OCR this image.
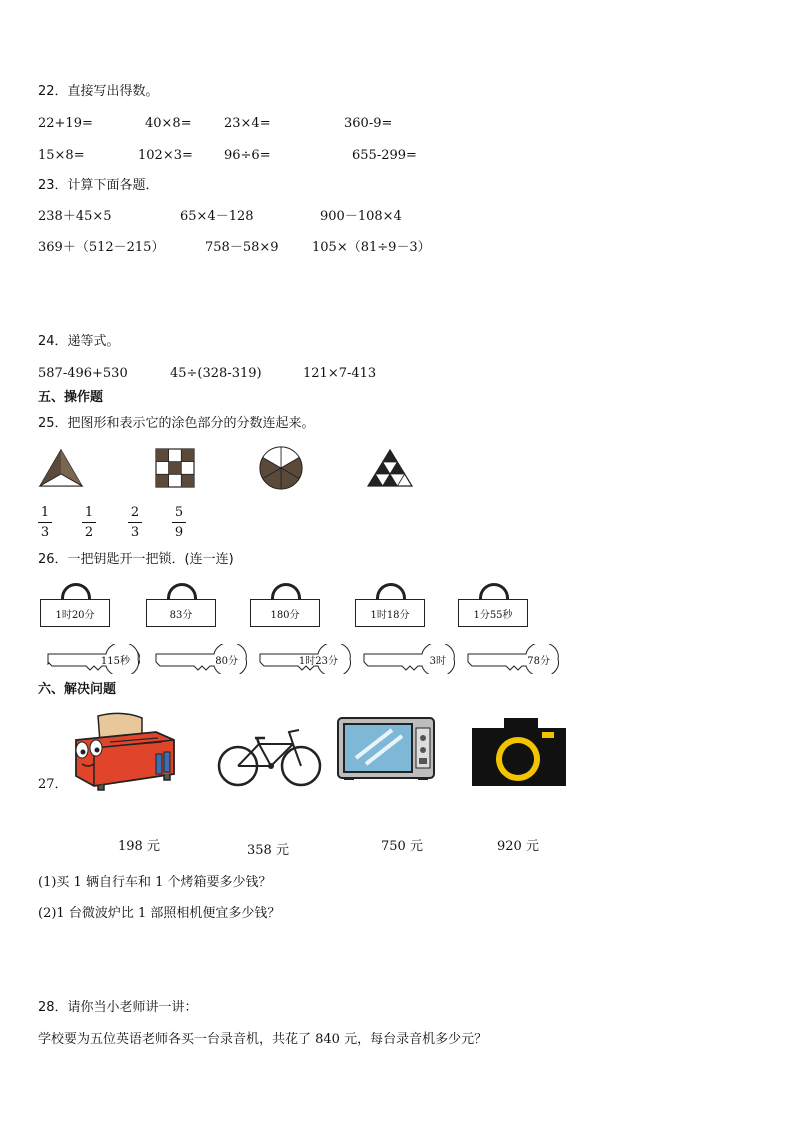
22．直接写出得数。
22+19=	40×8= 23×4=	360-9=
15×8=	102×3= 96÷6=	655-299=
23．计算下面各题．
238＋45×5	65×4－128	900－108×4
369＋（512－215）	758－58×9	105×（81÷9－3）
24．递等式。
587-496+530	45÷(328-319)	121×7-413
五、操作题
25．把图形和表示它的涂色部分的分数连起来。
1
3
1
2
2
3
5
9
26．一把钥匙开一把锁．(连一连)
1时20分	83分	180分	1时18分	1分55秒
115秒	80分	1时23分	3时	78分
六、解决问题
27．
198 元	358 元	750 元	920 元
(1)买 1 辆自行车和 1 个烤箱要多少钱？
(2)1 台微波炉比 1 部照相机便宜多少钱？
28．请你当小老师讲一讲：
学校要为五位英语老师各买一台录音机，共花了 840 元，每台录音机多少元？
